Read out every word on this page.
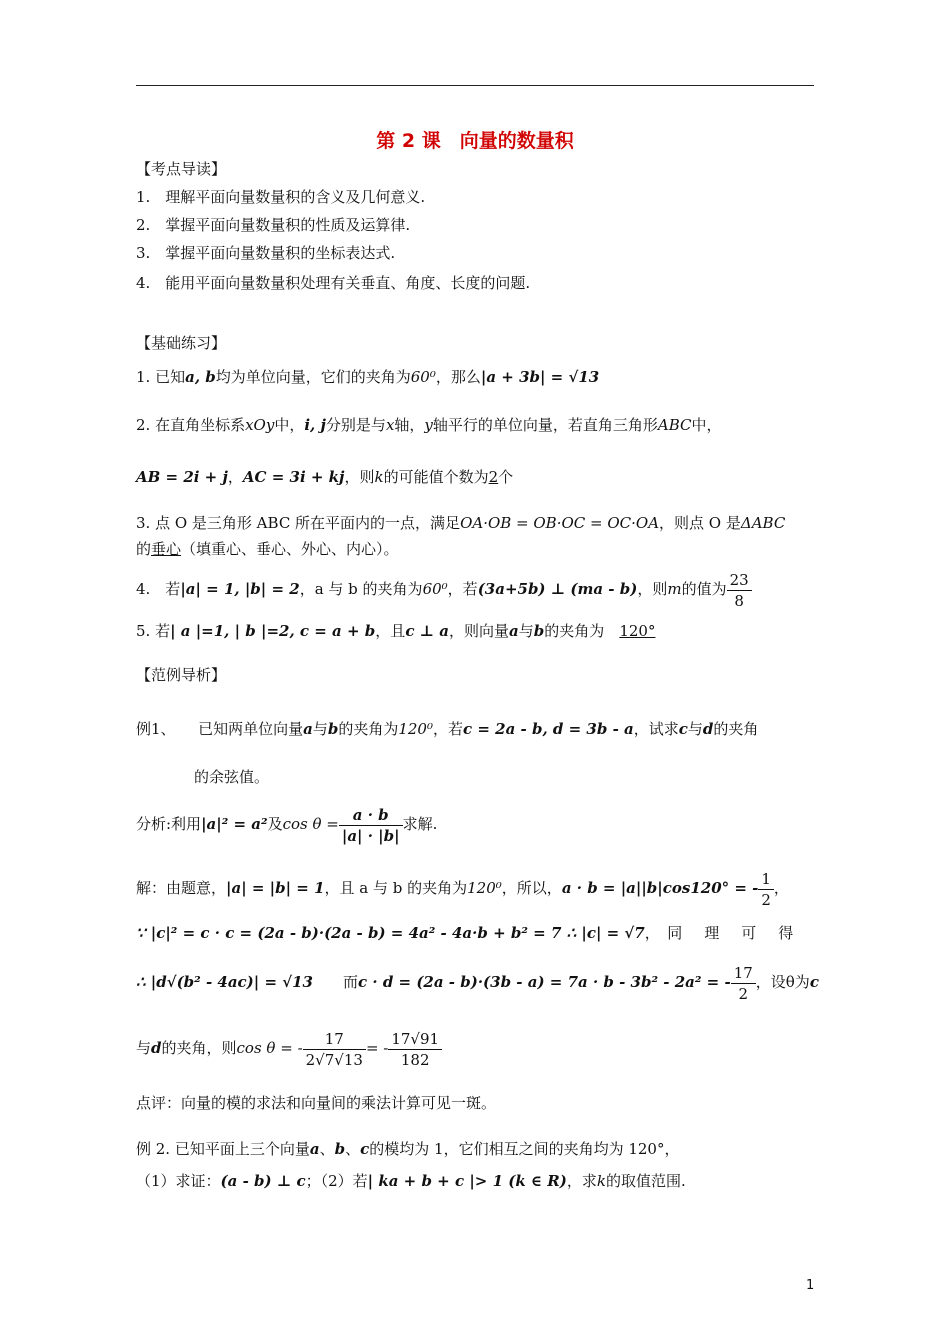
第 2 课　向量的数量积
【考点导读】
1.　理解平面向量数量积的含义及几何意义.
2.　掌握平面向量数量积的性质及运算律.
3.　掌握平面向量数量积的坐标表达式.
4.　能用平面向量数量积处理有关垂直、角度、长度的问题.
【基础练习】
1. 已知a, b均为单位向量，它们的夹角为60⁰，那么|a + 3b| = √13
2. 在直角坐标系xOy中，i, j分别是与x轴，y轴平行的单位向量，若直角三角形ABC中，
AB = 2i + j，AC = 3i + kj，则k的可能值个数为2个
3. 点 O 是三角形 ABC 所在平面内的一点，满足OA·OB = OB·OC = OC·OA，则点 O 是ΔABC
的垂心（填重心、垂心、外心、内心）。
4.　若|a| = 1, |b| = 2，a 与 b 的夹角为60⁰，若(3a+5b) ⊥ (ma - b)，则m的值为 $\frac{23}{8}$
5. 若| a |=1, | b |=2, c = a + b，且c ⊥ a，则向量a与b的夹角为　 120°
【范例导析】
例1、　　 已知两单位向量a与b的夹角为120⁰，若c = 2a - b, d = 3b - a，试求c与d的夹角
的余弦值。
分析:利用|a|² = a²及$\cos \theta = \frac{a \cdot b}{|a| \cdot |b|}$ 求解.
解：由题意，|a| = |b| = 1，且 a 与 b 的夹角为120⁰，所以，a · b = |a||b|cos120° = - $\frac{1}{2}$ ，
∵ |c|² = c · c = (2a - b)·(2a - b) = 4a² - 4a·b + b² = 7 ∴ |c| = √7，　 同理可得
∴ |d√(b² - 4ac)| = √13　　 而c · d = (2a - b)·(3b - a) = 7a · b - 3b² - 2a² = - $\frac{17}{2}$ ，设θ为c
与d的夹角，则cos θ = - $\frac{17}{2√7√13}$ = - $\frac{17√91}{182}$
点评：向量的模的求法和向量间的乘法计算可见一斑。
例 2. 已知平面上三个向量a、b、c的模均为 1，它们相互之间的夹角均为 120°，
（1）求证：(a - b) ⊥ c；（2）若| ka + b + c |> 1 (k ∈ R)，求k的取值范围.
1
